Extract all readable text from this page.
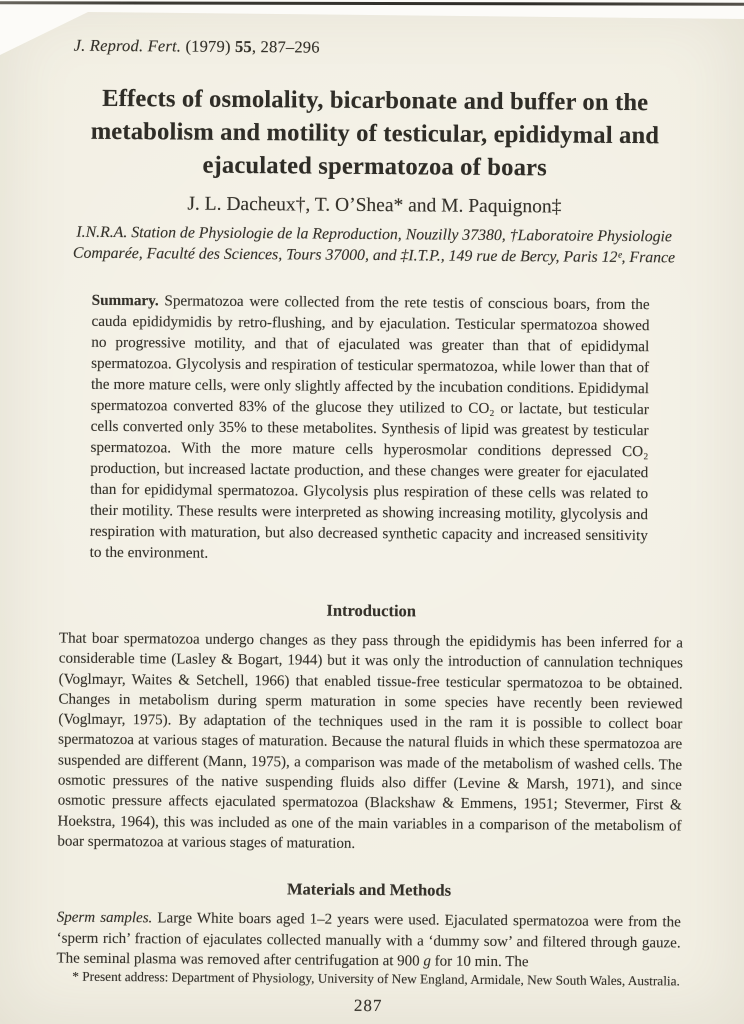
J. Reprod. Fert. (1979) 55, 287–296
Effects of osmolality, bicarbonate and buffer on the metabolism and motility of testicular, epididymal and ejaculated spermatozoa of boars
J. L. Dacheux†, T. O’Shea* and M. Paquignon‡
I.N.R.A. Station de Physiologie de la Reproduction, Nouzilly 37380, †Laboratoire Physiologie Comparée, Faculté des Sciences, Tours 37000, and ‡I.T.P., 149 rue de Bercy, Paris 12ᵉ, France
Summary. Spermatozoa were collected from the rete testis of conscious boars, from the cauda epididymidis by retro-flushing, and by ejaculation. Testicular spermatozoa showed no progressive motility, and that of ejaculated was greater than that of epididymal spermatozoa. Glycolysis and respiration of testicular spermatozoa, while lower than that of the more mature cells, were only slightly affected by the incubation conditions. Epididymal spermatozoa converted 83% of the glucose they utilized to CO₂ or lactate, but testicular cells converted only 35% to these metabolites. Synthesis of lipid was greatest by testicular spermatozoa. With the more mature cells hyperosmolar conditions depressed CO₂ production, but increased lactate production, and these changes were greater for ejaculated than for epididymal spermatozoa. Glycolysis plus respiration of these cells was related to their motility. These results were interpreted as showing increasing motility, glycolysis and respiration with maturation, but also decreased synthetic capacity and increased sensitivity to the environment.
Introduction

That boar spermatozoa undergo changes as they pass through the epididymis has been inferred for a considerable time (Lasley & Bogart, 1944) but it was only the introduction of cannulation techniques (Voglmayr, Waites & Setchell, 1966) that enabled tissue-free testicular spermatozoa to be obtained. Changes in metabolism during sperm maturation in some species have recently been reviewed (Voglmayr, 1975). By adaptation of the techniques used in the ram it is possible to collect boar spermatozoa at various stages of maturation. Because the natural fluids in which these spermatozoa are suspended are different (Mann, 1975), a comparison was made of the metabolism of washed cells. The osmotic pressures of the native suspending fluids also differ (Levine & Marsh, 1971), and since osmotic pressure affects ejaculated spermatozoa (Blackshaw & Emmens, 1951; Stevermer, First & Hoekstra, 1964), this was included as one of the main variables in a comparison of the metabolism of boar spermatozoa at various stages of maturation.

Materials and Methods

Sperm samples. Large White boars aged 1–2 years were used. Ejaculated spermatozoa were from the ‘sperm rich’ fraction of ejaculates collected manually with a ‘dummy sow’ and filtered through gauze. The seminal plasma was removed after centrifugation at 900 g for 10 min. The

* Present address: Department of Physiology, University of New England, Armidale, New South Wales, Australia.
287
